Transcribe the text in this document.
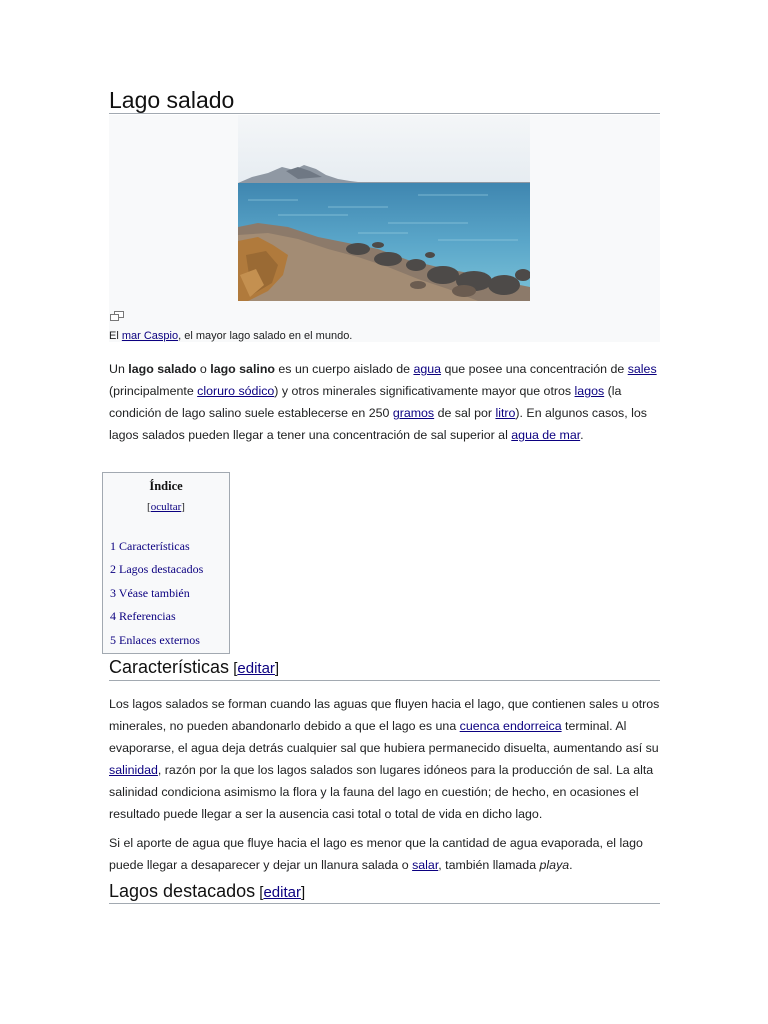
Lago salado
El mar Caspio, el mayor lago salado en el mundo.

Un lago salado o lago salino es un cuerpo aislado de agua que posee una concentración de sales (principalmente cloruro sódico) y otros minerales significativamente mayor que otros lagos (la condición de lago salino suele establecerse en 250 gramos de sal por litro). En algunos casos, los lagos salados pueden llegar a tener una concentración de sal superior al agua de mar.

Índice
[ocultar]
1 Características
2 Lagos destacados
3 Véase también
4 Referencias
5 Enlaces externos
Características [editar]

Los lagos salados se forman cuando las aguas que fluyen hacia el lago, que contienen sales u otros minerales, no pueden abandonarlo debido a que el lago es una cuenca endorreica terminal. Al evaporarse, el agua deja detrás cualquier sal que hubiera permanecido disuelta, aumentando así su salinidad, razón por la que los lagos salados son lugares idóneos para la producción de sal. La alta salinidad condiciona asimismo la flora y la fauna del lago en cuestión; de hecho, en ocasiones el resultado puede llegar a ser la ausencia casi total o total de vida en dicho lago.

Si el aporte de agua que fluye hacia el lago es menor que la cantidad de agua evaporada, el lago puede llegar a desaparecer y dejar un llanura salada o salar, también llamada playa.

Lagos destacados [editar]
